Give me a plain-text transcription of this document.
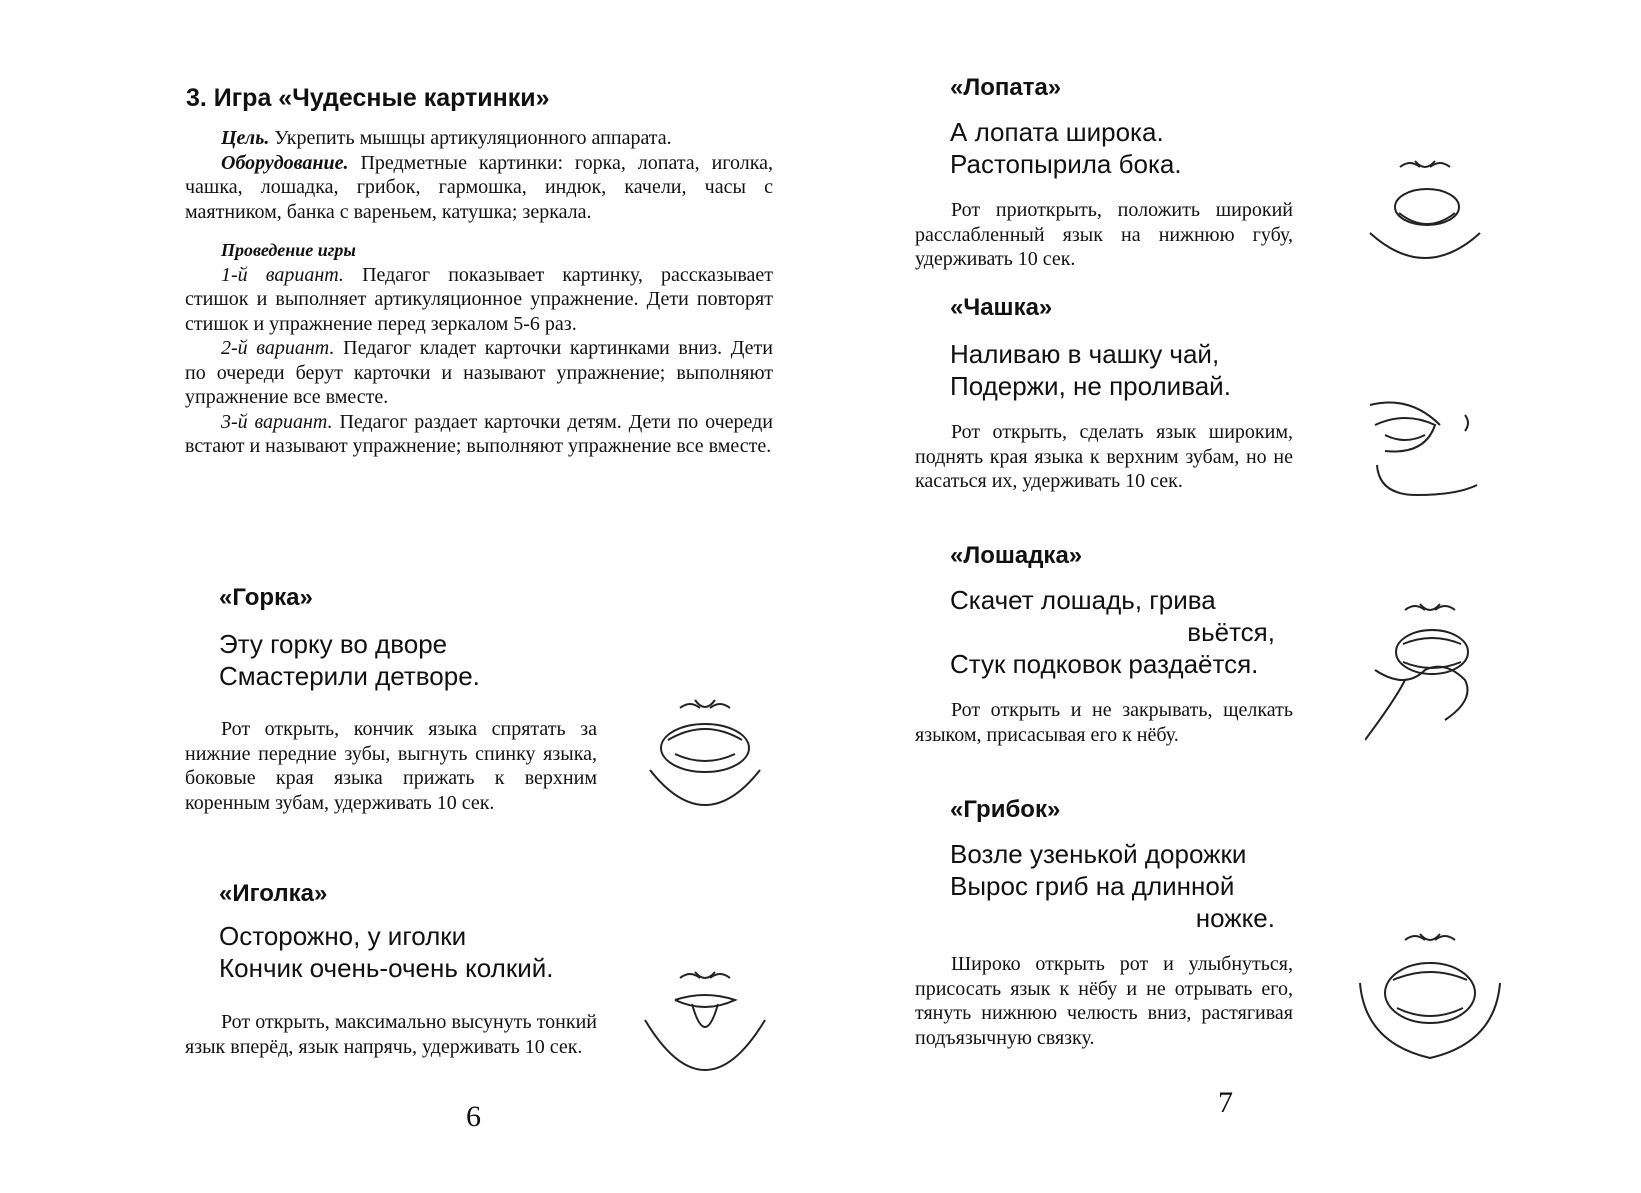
3. Игра «Чудесные картинки»

Цель. Укрепить мышцы артикуляционного аппарата.

Оборудование. Предметные картинки: горка, лопата, иголка, чашка, лошадка, грибок, гармошка, индюк, качели, часы с маятником, банка с вареньем, катушка; зеркала.

Проведение игры

1-й вариант. Педагог показывает картинку, рассказывает стишок и выполняет артикуляционное упражнение. Дети повторят стишок и упражнение перед зеркалом 5-6 раз.

2-й вариант. Педагог кладет карточки картинками вниз. Дети по очереди берут карточки и называют упражнение; выполняют упражнение все вместе.

3-й вариант. Педагог раздает карточки детям. Дети по очереди встают и называют упражнение; выполняют упражнение все вместе.

«Горка»
Эту горку во дворе
Смастерили детворе.

Рот открыть, кончик языка спрятать за нижние передние зубы, выгнуть спинку языка, боковые края языка прижать к верхним коренным зубам, удерживать 10 сек.

«Иголка»
Осторожно, у иголки
Кончик очень-очень колкий.

Рот открыть, максимально высунуть тонкий язык вперёд, язык напрячь, удерживать 10 сек.

6
«Лопата»
А лопата широка.
Растопырила бока.

Рот приоткрыть, положить широкий расслабленный язык на нижнюю губу, удерживать 10 сек.

«Чашка»
Наливаю в чашку чай,
Подержи, не проливай.

Рот открыть, сделать язык широким, поднять края языка к верхним зубам, но не касаться их, удерживать 10 сек.

«Лошадка»
Скачет лошадь, грива
вьётся,
Стук подковок раздаётся.

Рот открыть и не закрывать, щелкать языком, присасывая его к нёбу.

«Грибок»
Возле узенькой дорожки
Вырос гриб на длинной
ножке.

Широко открыть рот и улыбнуться, присосать язык к нёбу и не отрывать его, тянуть нижнюю челюсть вниз, растягивая подъязычную связку.

7
